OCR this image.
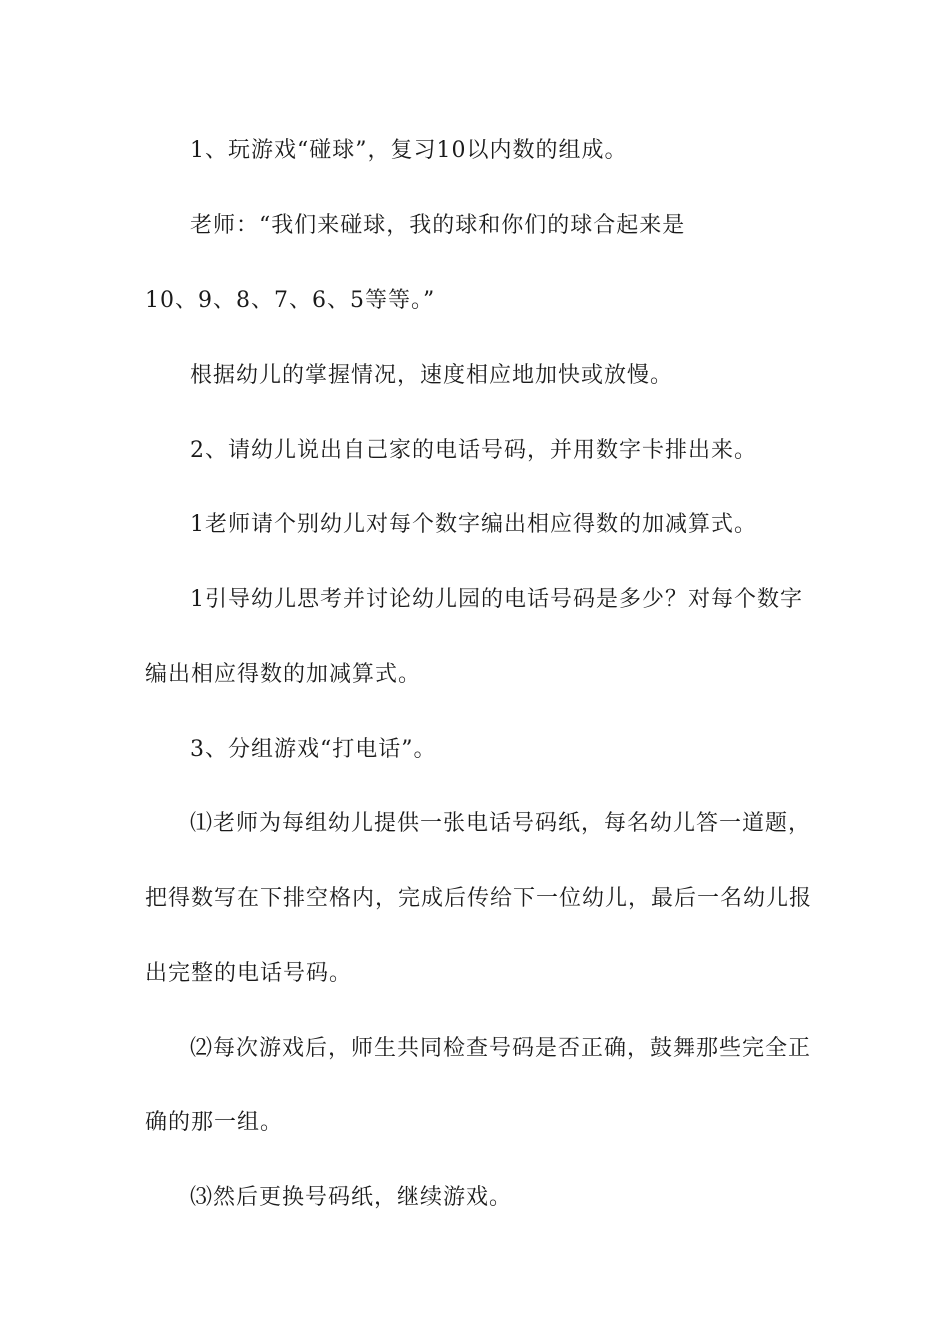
1、玩游戏“碰球”，复习10以内数的组成。
老师：“我们来碰球，我的球和你们的球合起来是
10、9、8、7、6、5等等。”
根据幼儿的掌握情况，速度相应地加快或放慢。
2、请幼儿说出自己家的电话号码，并用数字卡排出来。
1老师请个别幼儿对每个数字编出相应得数的加减算式。
1引导幼儿思考并讨论幼儿园的电话号码是多少？对每个数字
编出相应得数的加减算式。
3、分组游戏“打电话”。
⑴老师为每组幼儿提供一张电话号码纸，每名幼儿答一道题，
把得数写在下排空格内，完成后传给下一位幼儿，最后一名幼儿报
出完整的电话号码。
⑵每次游戏后，师生共同检查号码是否正确，鼓舞那些完全正
确的那一组。
⑶然后更换号码纸，继续游戏。
